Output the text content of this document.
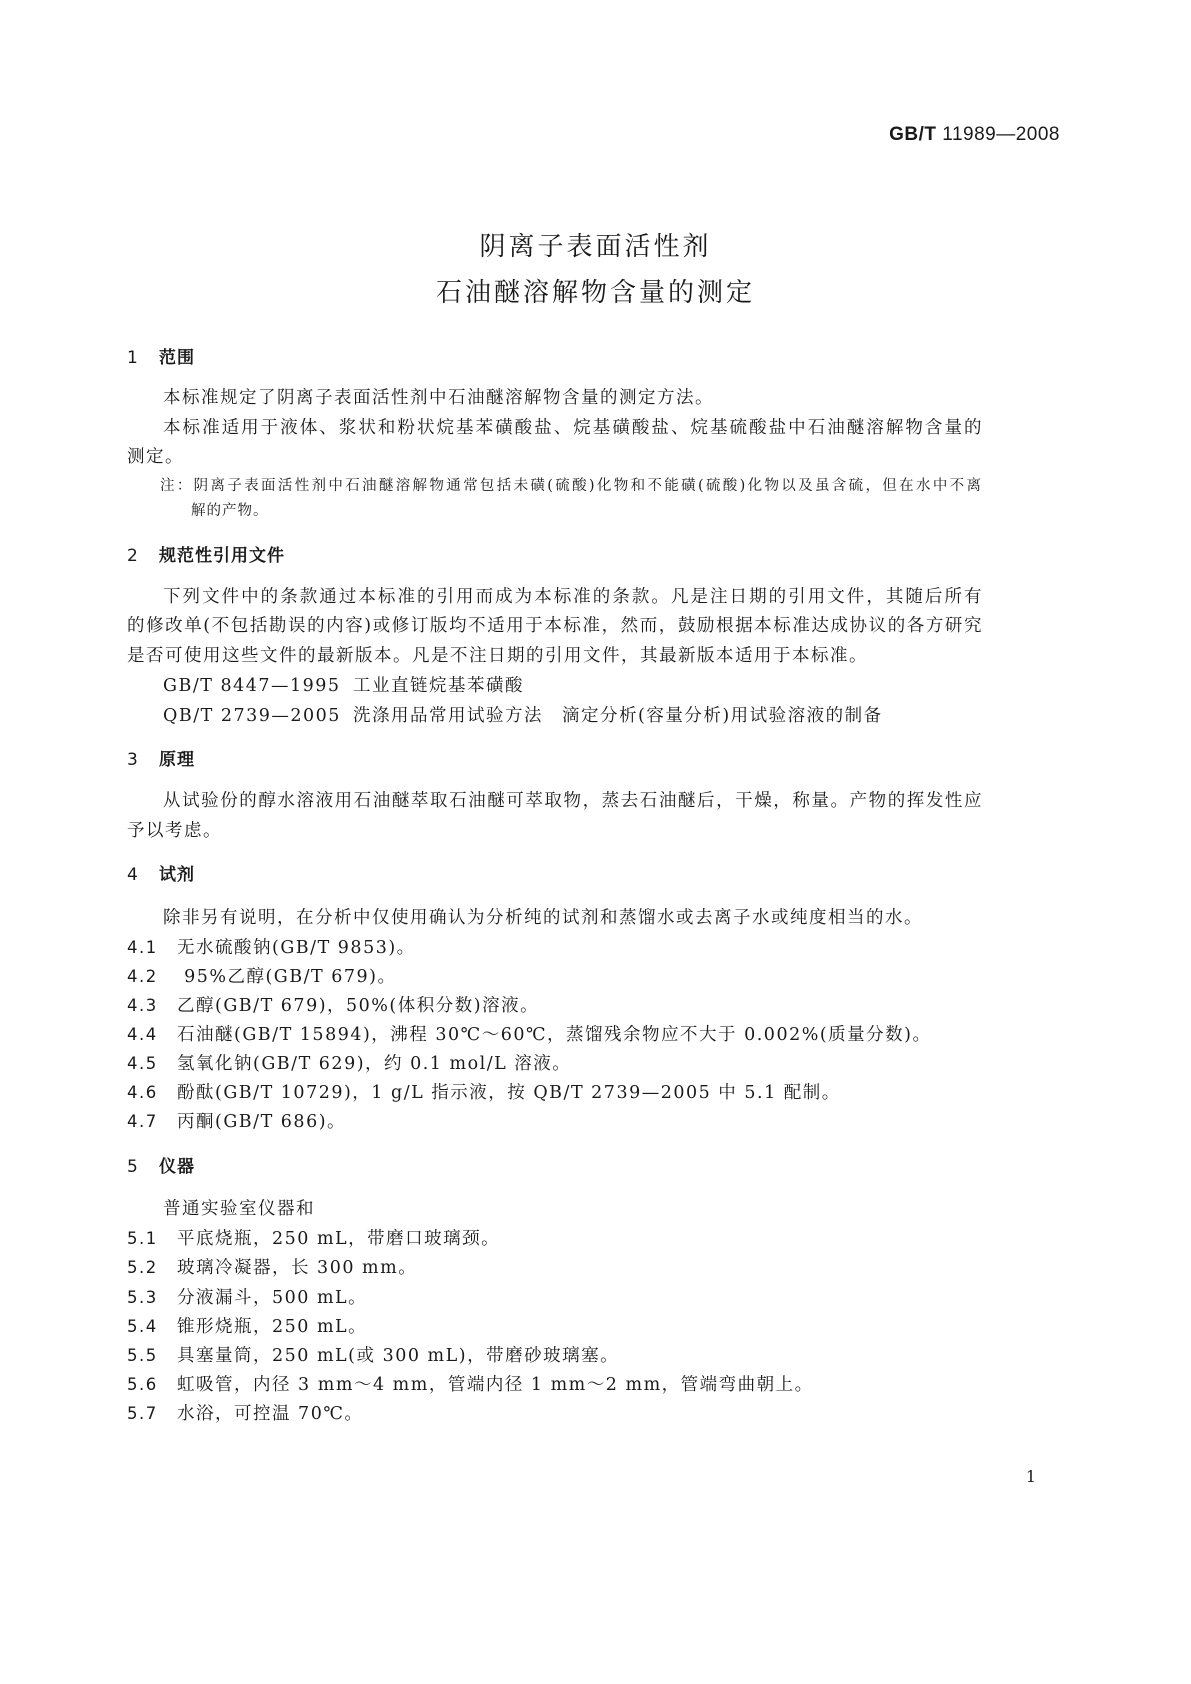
GB/T 11989—2008
阴离子表面活性剂
石油醚溶解物含量的测定
1 范围
本标准规定了阴离子表面活性剂中石油醚溶解物含量的测定方法。
本标准适用于液体、浆状和粉状烷基苯磺酸盐、烷基磺酸盐、烷基硫酸盐中石油醚溶解物含量的
测定。
注：阴离子表面活性剂中石油醚溶解物通常包括未磺(硫酸)化物和不能磺(硫酸)化物以及虽含硫，但在水中不离
解的产物。
2 规范性引用文件
下列文件中的条款通过本标准的引用而成为本标准的条款。凡是注日期的引用文件，其随后所有
的修改单(不包括勘误的内容)或修订版均不适用于本标准，然而，鼓励根据本标准达成协议的各方研究
是否可使用这些文件的最新版本。凡是不注日期的引用文件，其最新版本适用于本标准。
GB/T 8447—1995 工业直链烷基苯磺酸
QB/T 2739—2005 洗涤用品常用试验方法　滴定分析(容量分析)用试验溶液的制备
3 原理
从试验份的醇水溶液用石油醚萃取石油醚可萃取物，蒸去石油醚后，干燥，称量。产物的挥发性应
予以考虑。
4 试剂
除非另有说明，在分析中仅使用确认为分析纯的试剂和蒸馏水或去离子水或纯度相当的水。
4.1 无水硫酸钠(GB/T 9853)。
4.2 95%乙醇(GB/T 679)。
4.3 乙醇(GB/T 679)，50%(体积分数)溶液。
4.4 石油醚(GB/T 15894)，沸程 30℃～60℃，蒸馏残余物应不大于 0.002%(质量分数)。
4.5 氢氧化钠(GB/T 629)，约 0.1 mol/L 溶液。
4.6 酚酞(GB/T 10729)，1 g/L 指示液，按 QB/T 2739—2005 中 5.1 配制。
4.7 丙酮(GB/T 686)。
5 仪器
普通实验室仪器和
5.1 平底烧瓶，250 mL，带磨口玻璃颈。
5.2 玻璃冷凝器，长 300 mm。
5.3 分液漏斗，500 mL。
5.4 锥形烧瓶，250 mL。
5.5 具塞量筒，250 mL(或 300 mL)，带磨砂玻璃塞。
5.6 虹吸管，内径 3 mm～4 mm，管端内径 1 mm～2 mm，管端弯曲朝上。
5.7 水浴，可控温 70℃。
1
